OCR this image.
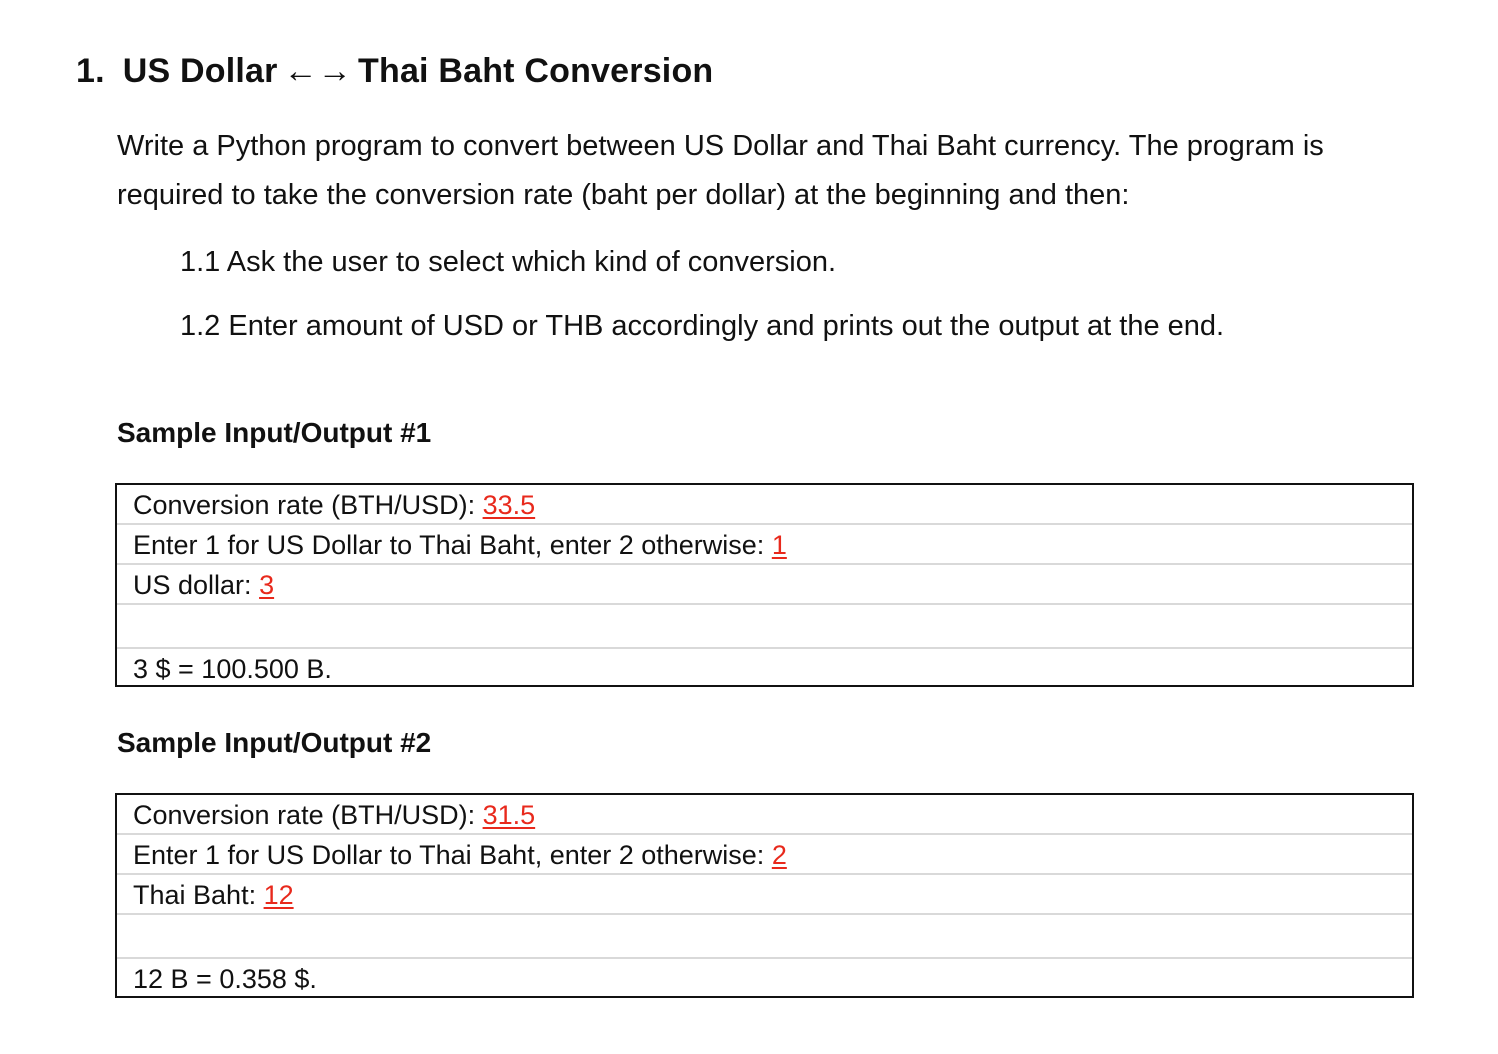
1. US Dollar ←→ Thai Baht Conversion
Write a Python program to convert between US Dollar and Thai Baht currency. The program is required to take the conversion rate (baht per dollar) at the beginning and then:
1.1 Ask the user to select which kind of conversion.
1.2 Enter amount of USD or THB accordingly and prints out the output at the end.
Sample Input/Output #1
Conversion rate (BTH/USD): 33.5
Enter 1 for US Dollar to Thai Baht, enter 2 otherwise: 1
US dollar: 3
3 $ = 100.500 B.
Sample Input/Output #2
Conversion rate (BTH/USD): 31.5
Enter 1 for US Dollar to Thai Baht, enter 2 otherwise: 2
Thai Baht: 12
12 B = 0.358 $.
